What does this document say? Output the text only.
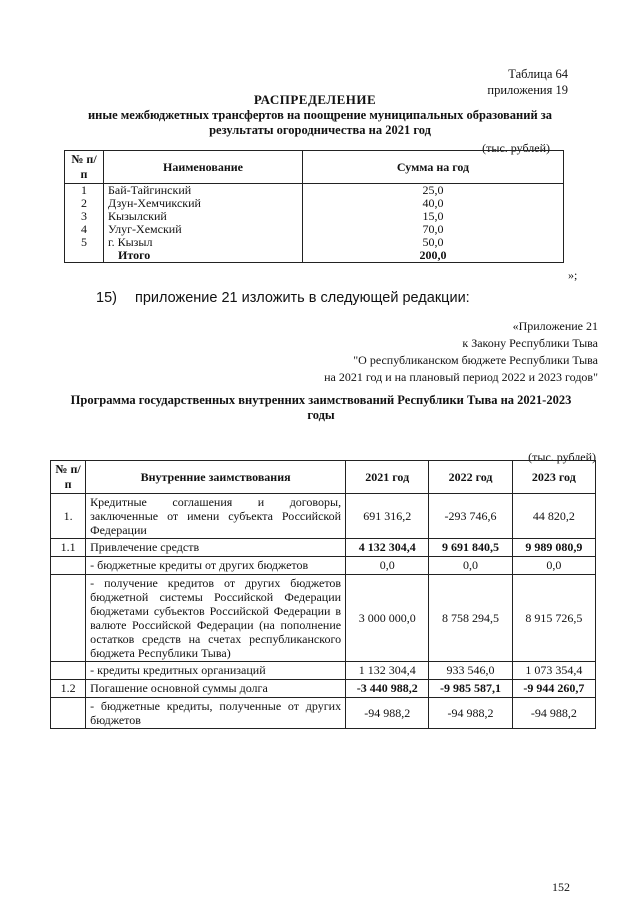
Таблица 64
приложения 19
РАСПРЕДЕЛЕНИЕ
иные межбюджетных трансфертов на поощрение муниципальных образований за результаты огородничества на 2021 год
(тыс. рублей)
№ п/п	Наименование	Сумма на год
1	Бай-Тайгинский	25,0
2	Дзун-Хемчикский	40,0
3	Кызылский	15,0
4	Улуг-Хемский	70,0
5	г. Кызыл	50,0
	Итого	200,0
»;
15) приложение 21 изложить в следующей редакции:
«Приложение 21
к Закону Республики Тыва
"О республиканском бюджете Республики Тыва
на 2021 год и на плановый период 2022 и 2023 годов"
Программа государственных внутренних заимствований Республики Тыва на 2021-2023 годы
(тыс. рублей)
№ п/п	Внутренние заимствования	2021 год	2022 год	2023 год
1.	Кредитные соглашения и договоры, заключенные от имени субъекта Российской Федерации	691 316,2	-293 746,6	44 820,2
1.1	Привлечение средств	4 132 304,4	9 691 840,5	9 989 080,9
	- бюджетные кредиты от других бюджетов	0,0	0,0	0,0
	- получение кредитов от других бюджетов бюджетной системы Российской Федерации бюджетами субъектов Российской Федерации в валюте Российской Федерации (на пополнение остатков средств на счетах республиканского бюджета Республики Тыва)	3 000 000,0	8 758 294,5	8 915 726,5
	- кредиты кредитных организаций	1 132 304,4	933 546,0	1 073 354,4
1.2	Погашение основной суммы долга	-3 440 988,2	-9 985 587,1	-9 944 260,7
	- бюджетные кредиты, полученные от других бюджетов	-94 988,2	-94 988,2	-94 988,2
152
